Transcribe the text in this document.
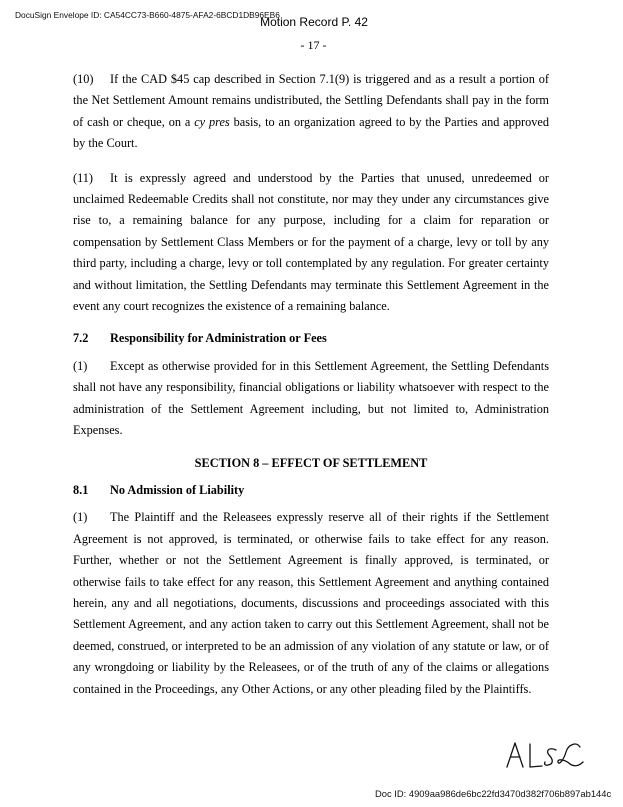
DocuSign Envelope ID: CA54CC73-B660-4875-AFA2-6BCD1DB96EB6
Motion Record P. 42
- 17 -

(10) If the CAD $45 cap described in Section 7.1(9) is triggered and as a result a portion of the Net Settlement Amount remains undistributed, the Settling Defendants shall pay in the form of cash or cheque, on a cy pres basis, to an organization agreed to by the Parties and approved by the Court.

(11) It is expressly agreed and understood by the Parties that unused, unredeemed or unclaimed Redeemable Credits shall not constitute, nor may they under any circumstances give rise to, a remaining balance for any purpose, including for a claim for reparation or compensation by Settlement Class Members or for the payment of a charge, levy or toll by any third party, including a charge, levy or toll contemplated by any regulation. For greater certainty and without limitation, the Settling Defendants may terminate this Settlement Agreement in the event any court recognizes the existence of a remaining balance.

7.2 Responsibility for Administration or Fees

(1) Except as otherwise provided for in this Settlement Agreement, the Settling Defendants shall not have any responsibility, financial obligations or liability whatsoever with respect to the administration of the Settlement Agreement including, but not limited to, Administration Expenses.

SECTION 8 – EFFECT OF SETTLEMENT

8.1 No Admission of Liability

(1) The Plaintiff and the Releasees expressly reserve all of their rights if the Settlement Agreement is not approved, is terminated, or otherwise fails to take effect for any reason. Further, whether or not the Settlement Agreement is finally approved, is terminated, or otherwise fails to take effect for any reason, this Settlement Agreement and anything contained herein, any and all negotiations, documents, discussions and proceedings associated with this Settlement Agreement, and any action taken to carry out this Settlement Agreement, shall not be deemed, construed, or interpreted to be an admission of any violation of any statute or law, or of any wrongdoing or liability by the Releasees, or of the truth of any of the claims or allegations contained in the Proceedings, any Other Actions, or any other pleading filed by the Plaintiffs.

Doc ID: 4909aa986de6bc22fd3470d382f706b897ab144c
